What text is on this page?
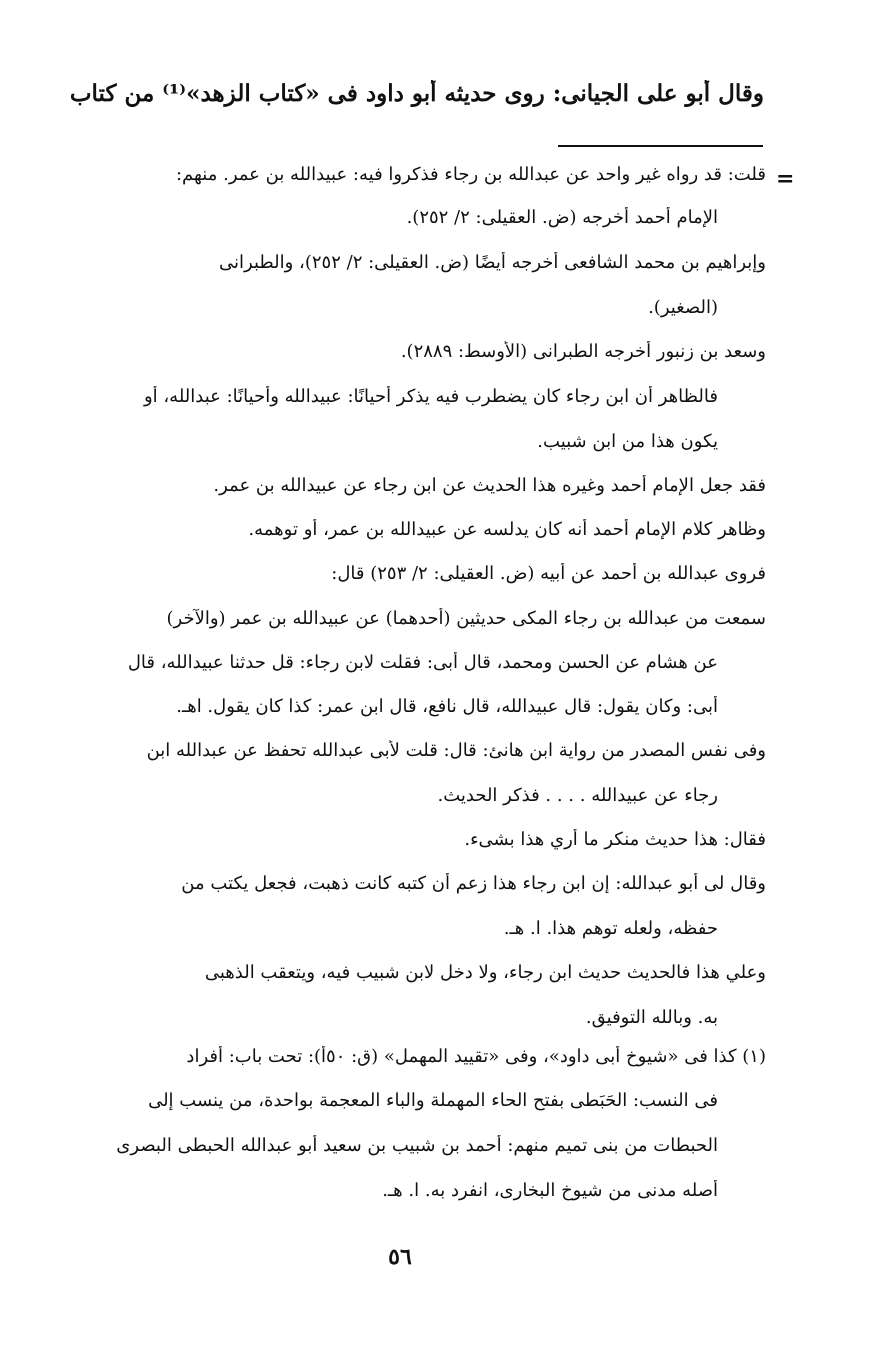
وقال أبو على الجيانى: روى حديثه أبو داود فى «كتاب الزهد»⁽¹⁾ من كتاب
=
قلت: قد رواه غير واحد عن عبدالله بن رجاء فذكروا فيه: عبيدالله بن عمر. منهم:
الإمام أحمد أخرجه (ض. العقيلى: ٢/ ٢٥٢).
وإبراهيم بن محمد الشافعى أخرجه أيضًا (ض. العقيلى: ٢/ ٢٥٢)، والطبرانى
(الصغير).
وسعد بن زنبور أخرجه الطبرانى (الأوسط: ٢٨٨٩).
فالظاهر أن ابن رجاء كان يضطرب فيه يذكر أحيانًا: عبيدالله وأحيانًا: عبدالله، أو
يكون هذا من ابن شبيب.
فقد جعل الإمام أحمد وغيره هذا الحديث عن ابن رجاء عن عبيدالله بن عمر.
وظاهر كلام الإمام أحمد أنه كان يدلسه عن عبيدالله بن عمر، أو توهمه.
فروى عبدالله بن أحمد عن أبيه (ض. العقيلى: ٢/ ٢٥٣) قال:
سمعت من عبدالله بن رجاء المكى حديثين (أحدهما) عن عبيدالله بن عمر (والآخر)
عن هشام عن الحسن ومحمد، قال أبى: فقلت لابن رجاء: قل حدثنا عبيدالله، قال
أبى: وكان يقول: قال عبيدالله، قال نافع، قال ابن عمر: كذا كان يقول. اهـ.
وفى نفس المصدر من رواية ابن هانئ: قال: قلت لأبى عبدالله تحفظ عن عبدالله ابن
رجاء عن عبيدالله . . . . فذكر الحديث.
فقال: هذا حديث منكر ما أري هذا بشىء.
وقال لى أبو عبدالله: إن ابن رجاء هذا زعم أن كتبه كانت ذهبت، فجعل يكتب من
حفظه، ولعله توهم هذا. ا. هـ.
وعلي هذا فالحديث حديث ابن رجاء، ولا دخل لابن شبيب فيه، ويتعقب الذهبى
به. وبالله التوفيق.
(١) كذا فى «شيوخ أبى داود»، وفى «تقييد المهمل» (ق: ٥٠أ): تحت باب: أفراد
فى النسب: الحَبَطى بفتح الحاء المهملة والباء المعجمة بواحدة، من ينسب إلى
الحبطات من بنى تميم منهم: أحمد بن شبيب بن سعيد أبو عبدالله الحبطى البصرى
أصله مدنى من شيوخ البخارى، انفرد به. ا. هـ.
٥٦
